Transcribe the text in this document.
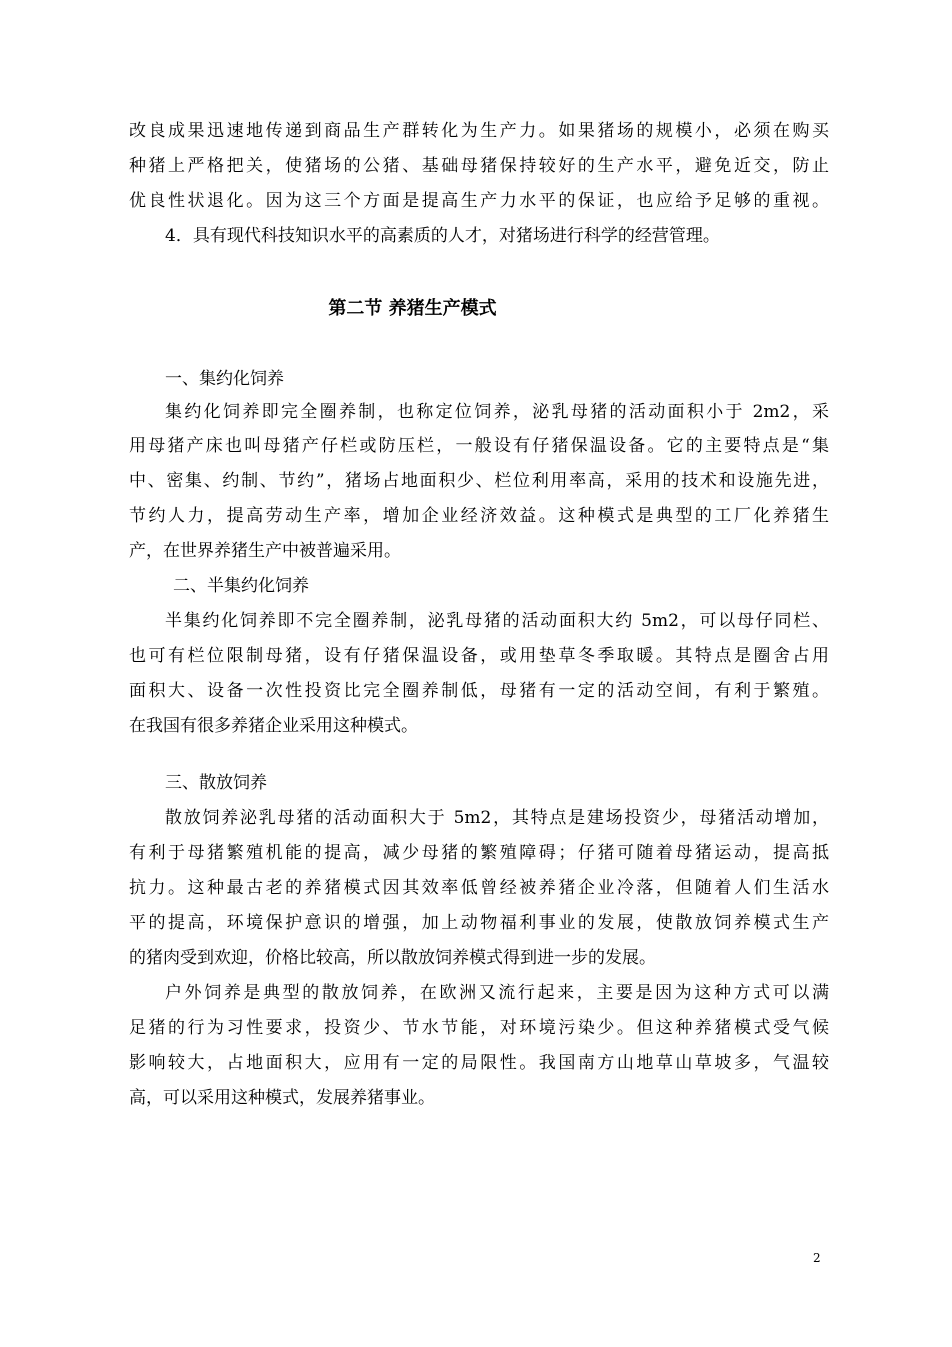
改良成果迅速地传递到商品生产群转化为生产力。如果猪场的规模小，必须在购买
种猪上严格把关，使猪场的公猪、基础母猪保持较好的生产水平，避免近交，防止
优良性状退化。因为这三个方面是提高生产力水平的保证，也应给予足够的重视。
4．具有现代科技知识水平的高素质的人才，对猪场进行科学的经营管理。
第二节 养猪生产模式
一、集约化饲养
集约化饲养即完全圈养制，也称定位饲养，泌乳母猪的活动面积小于 2m2，采
用母猪产床也叫母猪产仔栏或防压栏，一般设有仔猪保温设备。它的主要特点是“集
中、密集、约制、节约”，猪场占地面积少、栏位利用率高，采用的技术和设施先进，
节约人力，提高劳动生产率，增加企业经济效益。这种模式是典型的工厂化养猪生
产，在世界养猪生产中被普遍采用。
二、半集约化饲养
半集约化饲养即不完全圈养制，泌乳母猪的活动面积大约 5m2，可以母仔同栏、
也可有栏位限制母猪，设有仔猪保温设备，或用垫草冬季取暖。其特点是圈舍占用
面积大、设备一次性投资比完全圈养制低，母猪有一定的活动空间，有利于繁殖。
在我国有很多养猪企业采用这种模式。
三、散放饲养
散放饲养泌乳母猪的活动面积大于 5m2，其特点是建场投资少，母猪活动增加，
有利于母猪繁殖机能的提高，减少母猪的繁殖障碍；仔猪可随着母猪运动，提高抵
抗力。这种最古老的养猪模式因其效率低曾经被养猪企业冷落，但随着人们生活水
平的提高，环境保护意识的增强，加上动物福利事业的发展，使散放饲养模式生产
的猪肉受到欢迎，价格比较高，所以散放饲养模式得到进一步的发展。
户外饲养是典型的散放饲养，在欧洲又流行起来，主要是因为这种方式可以满
足猪的行为习性要求，投资少、节水节能，对环境污染少。但这种养猪模式受气候
影响较大，占地面积大，应用有一定的局限性。我国南方山地草山草坡多，气温较
高，可以采用这种模式，发展养猪事业。
2
